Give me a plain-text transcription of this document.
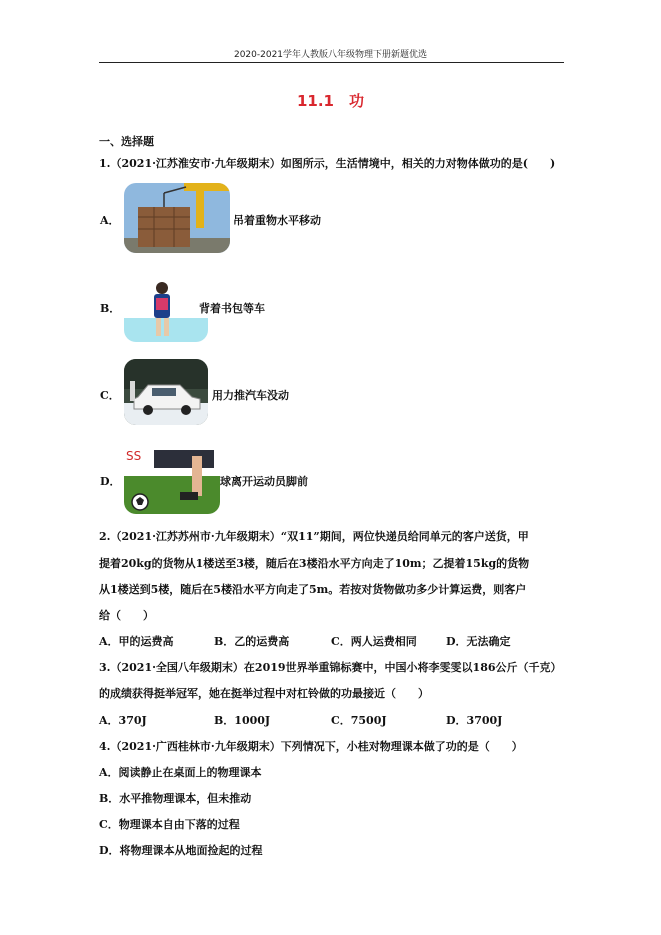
2020-2021学年人教版八年级物理下册新题优选
11.1　功
一、选择题
1.（2021·江苏淮安市·九年级期末）如图所示，生活情境中，相关的力对物体做功的是(　　)
A．	吊着重物水平移动
B．	背着书包等车
C．	用力推汽车没动
D．
SS
球离开运动员脚前
2.（2021·江苏苏州市·九年级期末）“双11”期间，两位快递员给同单元的客户送货，甲
提着20kg的货物从1楼送至3楼，随后在3楼沿水平方向走了10m；乙提着15kg的货物
从1楼送到5楼，随后在5楼沿水平方向走了5m。若按对货物做功多少计算运费，则客户
给（　　）
A．甲的运费高	B．乙的运费高	C．两人运费相同	D．无法确定
3.（2021·全国八年级期末）在2019世界举重锦标赛中，中国小将李雯雯以186公斤（千克）
的成绩获得挺举冠军，她在挺举过程中对杠铃做的功最接近（　　）
A．370J	B．1000J	C．7500J	D．3700J
4.（2021·广西桂林市·九年级期末）下列情况下，小桂对物理课本做了功的是（　　）
A．阅读静止在桌面上的物理课本
B．水平推物理课本，但未推动
C．物理课本自由下落的过程
D．将物理课本从地面捡起的过程
